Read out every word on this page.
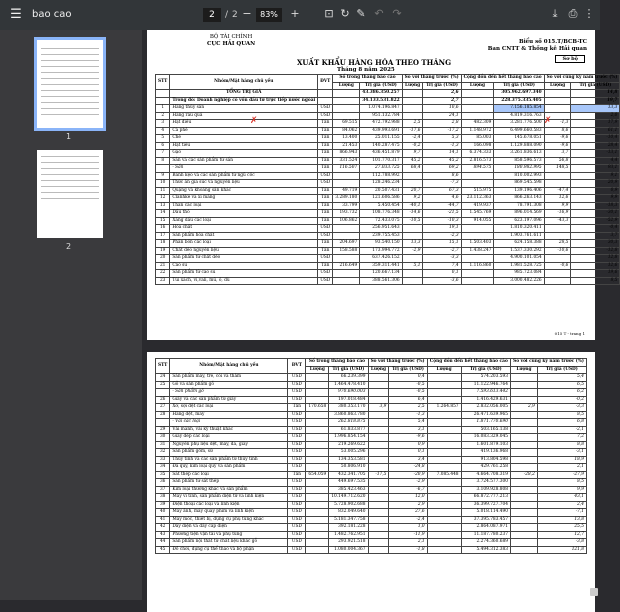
☰	bao cao	2	/ 2 −	83%	+ ⊡ ↻ ✎ ↶ ↷	⤓	⎙ ⋮
1
2
BỘ TÀI CHÍNH
CỤC HẢI QUAN	Biểu số 015.T/BCB-TC
Ban CNTT & Thống kê Hải quan
Sơ bộ
XUẤT KHẨU HÀNG HÓA THEO THÁNG
Tháng 8 năm 2025
STT	Nhóm/Mặt hàng chủ yếu	ĐVT	Số trong tháng báo cáo		So với tháng trước (%)		Cộng dồn đến hết tháng báo cáo		So với cùng kỳ năm trước (%)	
			Lượng	Trị giá (USD)	Lượng	Trị giá (USD)	Lượng	Trị giá (USD)	Lượng	Trị giá (USD)
	TỔNG TRỊ GIÁ			43.386.350.257		2,6		305.962.697.340		14,8
	Trong đó: Doanh nghiệp có vốn đầu tư trực tiếp nước ngoài			34.133.531.822		2,7		228.375.335.405		19,7
1	Hàng thủy sản	USD		1.074.196.847		10,6		7.156.185.854		13,3
2	Hàng rau quả	USD		951.132.784		24,1		4.819.316.763		2,0
3	Hạt điều	Tấn	69.515	472.792.988	2,5	2,8	482.309	3.281.776.500	-1,3	17,9
4	Cà phê	Tấn	84.062	439.993.691	-17,6	-17,2	1.148.972	6.499.660.583	8,6	61,1
5	Chè	Tấn	13.400	25.011.155	-2,4	5,3	85.003	145.678.051	-9,6	-10,4
6	Hạt tiêu	Tấn	21.453	140.287.475	-0,2	-1,3	166.098	1.129.888.090	-9,6	28,4
7	Gạo	Tấn	866.943	436.451.879	9,7	14,1	6.374.333	3.261.836.613	3,7	-13,1
8	Sắn và các sản phẩm từ sắn	Tấn	331.524	101.770.317	45,2	45,2	2.816.573	858.596.573	56,8	4,4
	- Sắn	Tấn	116.507	27.033.725	68,4	69,2	894.575	180.982.995	148,5	93,1
9	Bánh kẹo và các sản phẩm từ ngũ cốc	USD		112.788.992		8,6		810.002.993		9,1
10	Thức ăn gia súc và nguyên liệu	USD		128.246.234		-7,3		869.545.598		20,9
11	Quặng và khoáng sản khác	Tấn	49.719	20.507.431	20,7	67,3	515.975	139.196.406	-47,4	0,9
12	Clanhke và xi măng	Tấn	3.289.180	121.606.586	9,2	4,6	23.112.363	866.263.143	12,6	9,9
13	Than các loại	Tấn	33.799	5.450.454	-40,1	-44,7	419.937	78.791.308	9,9	-18,3
14	Dầu thô	Tấn	193.732	108.776.348	-14,6	-21,5	1.545.769	896.014.569	-16,9	-30,1
15	Xăng dầu các loại	Tấn	106.862	72.433.075	-10,5	-10,3	914.055	623.197.096	-43,3	-52,9
16	Hóa chất	USD		256.951.643		19,1		1.810.320.411		-0,4
17	Sản phẩm hóa chất	USD		239.755.453		-2,3		1.903.761.611		3,7
18	Phân bón các loại	Tấn	204.697	93.540.150	13,3	15,1	1.503.403	624.158.388	28,5	30,3
19	Chất dẻo nguyên liệu	Tấn	158.588	173.994.772	-2,9	-2,7	1.438.247	1.537.330.292	-10,6	-12,8
20	Sản phẩm từ chất dẻo	USD		637.426.152		-3,3		4.900.101.054		12,8
21	Cao su	Tấn	216.649	359.311.441	5,1	7,4	1.116.860	1.981.528.725	-0,6	12,6
22	Sản phẩm từ cao su	USD		120.667.134		0,1		985.723.084		19,6
23	Túi xách, ví,vali, mũ, ô, dù	USD		388.561.306		-3,6		3.000.482.226		8,5
✗	✗
015 T - trang 1
STT	Nhóm/Mặt hàng chủ yếu	ĐVT	Số trong tháng báo cáo		So với tháng trước (%)		Cộng dồn đến hết tháng báo cáo		So với cùng kỳ năm trước (%)	
			Lượng	Trị giá (USD)	Lượng	Trị giá (USD)	Lượng	Trị giá (USD)	Lượng	Trị giá (USD)
24	Sản phẩm mây, tre, cói và thảm	USD		66.239.399		0,4		574.203.593		5,4
25	Gỗ và sản phẩm gỗ	USD		1.464.478.410		-0,5		11.122.946.764		6,5
	- Sản phẩm gỗ	USD		970.690.003		-0,5		7.593.613.442		6,2
26	Giấy và các sản phẩm từ giấy	USD		197.018.484		6,4		1.416.429.631		-0,2
27	Xơ, sợi dệt các loại	Tấn	170.658	380.353.170	3,9	2,5	1.264.857	2.832.056.005	2,9	-3,3
28	Hàng dệt, may	USD		3.860.863.780		-1,3		26.471.639.965		8,5
	- Vải các loại	USD		262.818.875		5,4		1.871.770.690		6,8
29	Vải mành, vải kỹ thuật khác	USD		61.833.877		3,1		503.165.138		-2,1
30	Giày dép các loại	USD		1.996.854.154		-9,6		16.083.329.045		7,2
31	Nguyên phụ liệu dệt, may, da, giày	USD		219.269.622		0,9		1.601.879.103		8,8
32	Sản phẩm gốm, sứ	USD		53.005.296		0,1		419.136.968		-3,1
33	Thủy tinh và các sản phẩm từ thủy tinh	USD		134.353.581		3,4		913.804.598		18,9
34	Đá quý, kim loại quý và sản phẩm	USD		50.806.910		-24,8		429.761.258		2,1
35	Sắt thép các loại	Tấn	654.059	432.341.705	-17,5	-20,9	7.085.448	4.664.708.319	-28,2	-27,9
36	Sản phẩm từ sắt thép	USD		449.697.535		-2,9		3.724.577.300		8,5
37	Kim loại thường khác và sản phẩm	USD		385.423.463		-6,7		3.109.928.808		9,9
38	Máy vi tính, sản phẩm điện tử và linh kiện	USD		10.149.712.620		12,0		66.872.777.213		43,1
39	Điện thoại các loại và linh kiện	USD		5.728.902.688		2,9		36.399.727.704		2,4
40	Máy ảnh, máy quay phim và linh kiện	USD		832.049.640		27,6		5.018.114.490		-7,1
41	Máy móc, thiết bị, dụng cụ phụ tùng khác	USD		5.181.347.758		-2,4		37.395.783.457		13,8
42	Dây điện và dây cáp điện	USD		392.181.228		1,0		2.864.087.971		25,5
43	Phương tiện vận tải và phụ tùng	USD		1.482.762.951		-11,9		11.187.780.237		12,7
44	Sản phẩm nội thất từ chất liệu khác gỗ	USD		293.921.518		2,1		2.274.360.689		-3,8
45	Đồ chơi, dụng cụ thể thao và bộ phận	USD		1.080.004.367		-1,8		5.494.312.383		121,8
